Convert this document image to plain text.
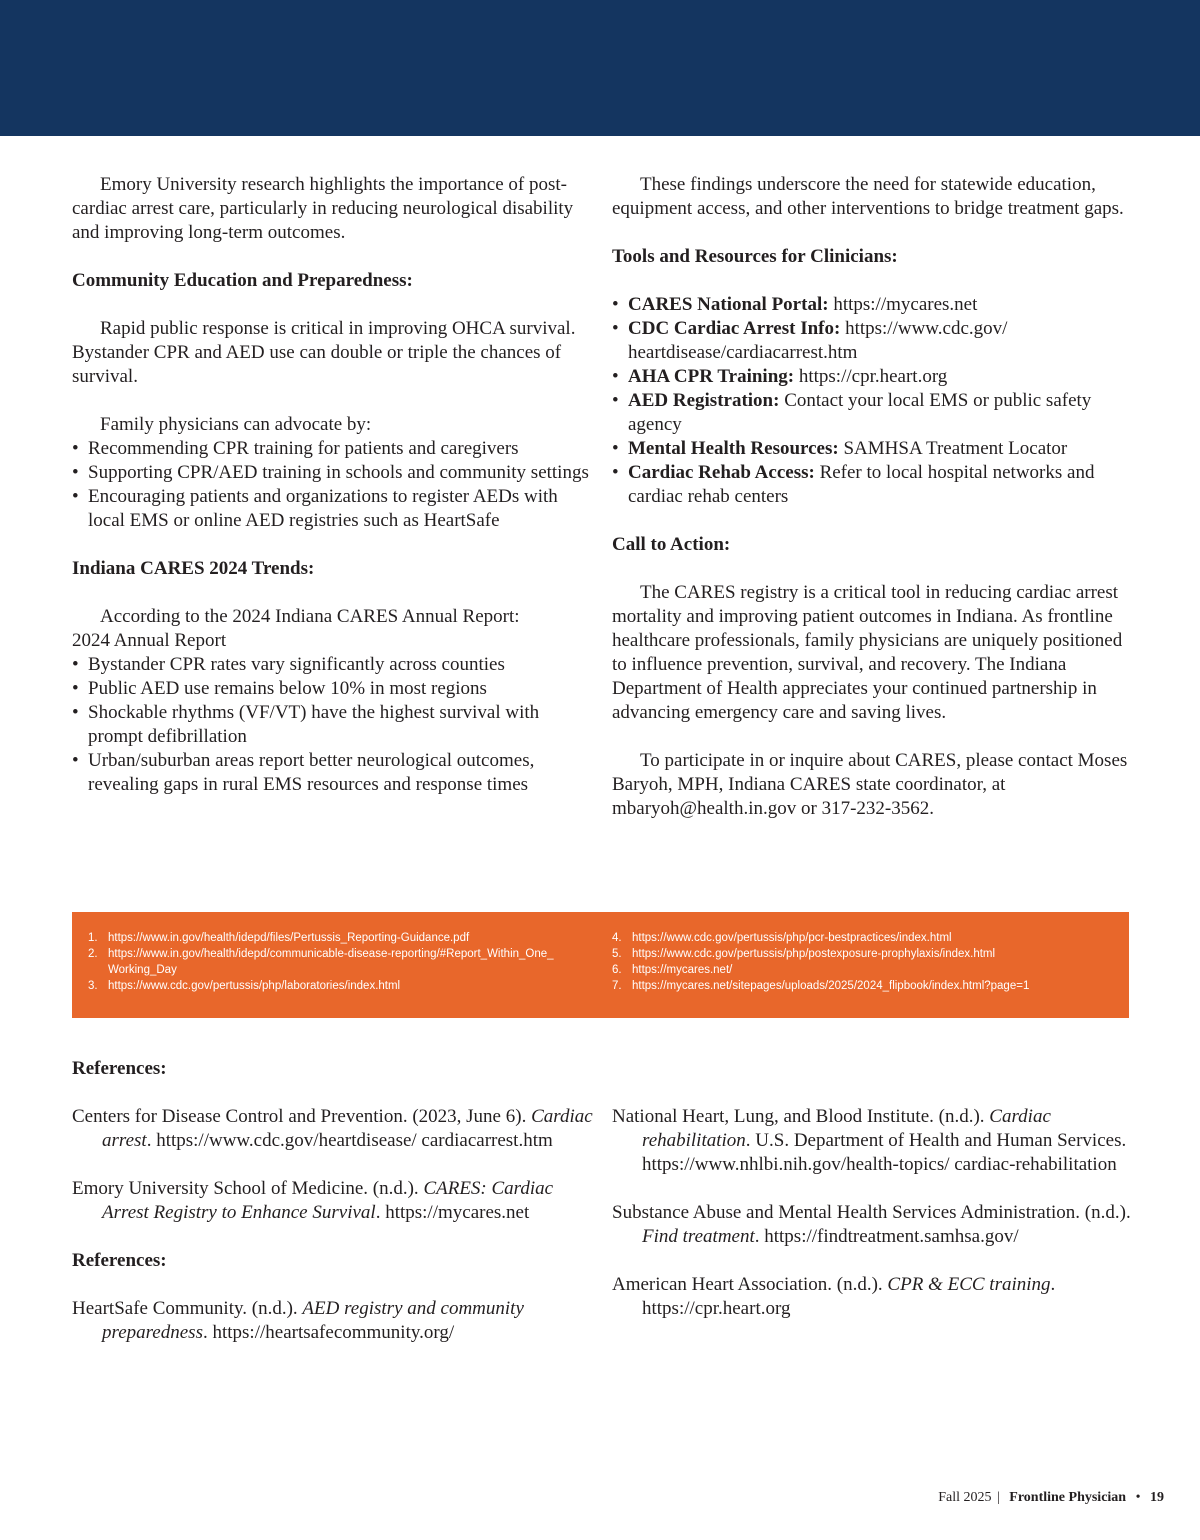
Emory University research highlights the importance of post-cardiac arrest care, particularly in reducing neurological disability and improving long-term outcomes.

Community Education and Preparedness:

Rapid public response is critical in improving OHCA survival. Bystander CPR and AED use can double or triple the chances of survival.

Family physicians can advocate by:

• Recommending CPR training for patients and caregivers
• Supporting CPR/AED training in schools and community settings
• Encouraging patients and organizations to register AEDs with local EMS or online AED registries such as HeartSafe

Indiana CARES 2024 Trends:

According to the 2024 Indiana CARES Annual Report:

2024 Annual Report

• Bystander CPR rates vary significantly across counties
• Public AED use remains below 10% in most regions
• Shockable rhythms (VF/VT) have the highest survival with prompt defibrillation
• Urban/suburban areas report better neurological outcomes, revealing gaps in rural EMS resources and response times

These findings underscore the need for statewide education, equipment access, and other interventions to bridge treatment gaps.

Tools and Resources for Clinicians:

• CARES National Portal: https://mycares.net
• CDC Cardiac Arrest Info: https://www.cdc.gov/ heartdisease/cardiacarrest.htm
• AHA CPR Training: https://cpr.heart.org
• AED Registration: Contact your local EMS or public safety agency
• Mental Health Resources: SAMHSA Treatment Locator
• Cardiac Rehab Access: Refer to local hospital networks and cardiac rehab centers

Call to Action:

The CARES registry is a critical tool in reducing cardiac arrest mortality and improving patient outcomes in Indiana. As frontline healthcare professionals, family physicians are uniquely positioned to influence prevention, survival, and recovery. The Indiana Department of Health appreciates your continued partnership in advancing emergency care and saving lives.

To participate in or inquire about CARES, please contact Moses Baryoh, MPH, Indiana CARES state coordinator, at mbaryoh@health.in.gov or 317-232-3562.

1. https://www.in.gov/health/idepd/files/Pertussis_Reporting-Guidance.pdf
2. https://www.in.gov/health/idepd/communicable-disease-reporting/#Report_Within_One_ Working_Day
3. https://www.cdc.gov/pertussis/php/laboratories/index.html
4. https://www.cdc.gov/pertussis/php/pcr-bestpractices/index.html
5. https://www.cdc.gov/pertussis/php/postexposure-prophylaxis/index.html
6. https://mycares.net/
7. https://mycares.net/sitepages/uploads/2025/2024_flipbook/index.html?page=1

References:

Centers for Disease Control and Prevention. (2023, June 6). Cardiac arrest. https://www.cdc.gov/heartdisease/ cardiacarrest.htm

Emory University School of Medicine. (n.d.). CARES: Cardiac Arrest Registry to Enhance Survival. https://mycares.net

References:

HeartSafe Community. (n.d.). AED registry and community preparedness. https://heartsafecommunity.org/

National Heart, Lung, and Blood Institute. (n.d.). Cardiac rehabilitation. U.S. Department of Health and Human Services. https://www.nhlbi.nih.gov/health-topics/ cardiac-rehabilitation

Substance Abuse and Mental Health Services Administration. (n.d.). Find treatment. https://findtreatment.samhsa.gov/

American Heart Association. (n.d.). CPR & ECC training. https://cpr.heart.org

Fall 2025 | Frontline Physician • 19
